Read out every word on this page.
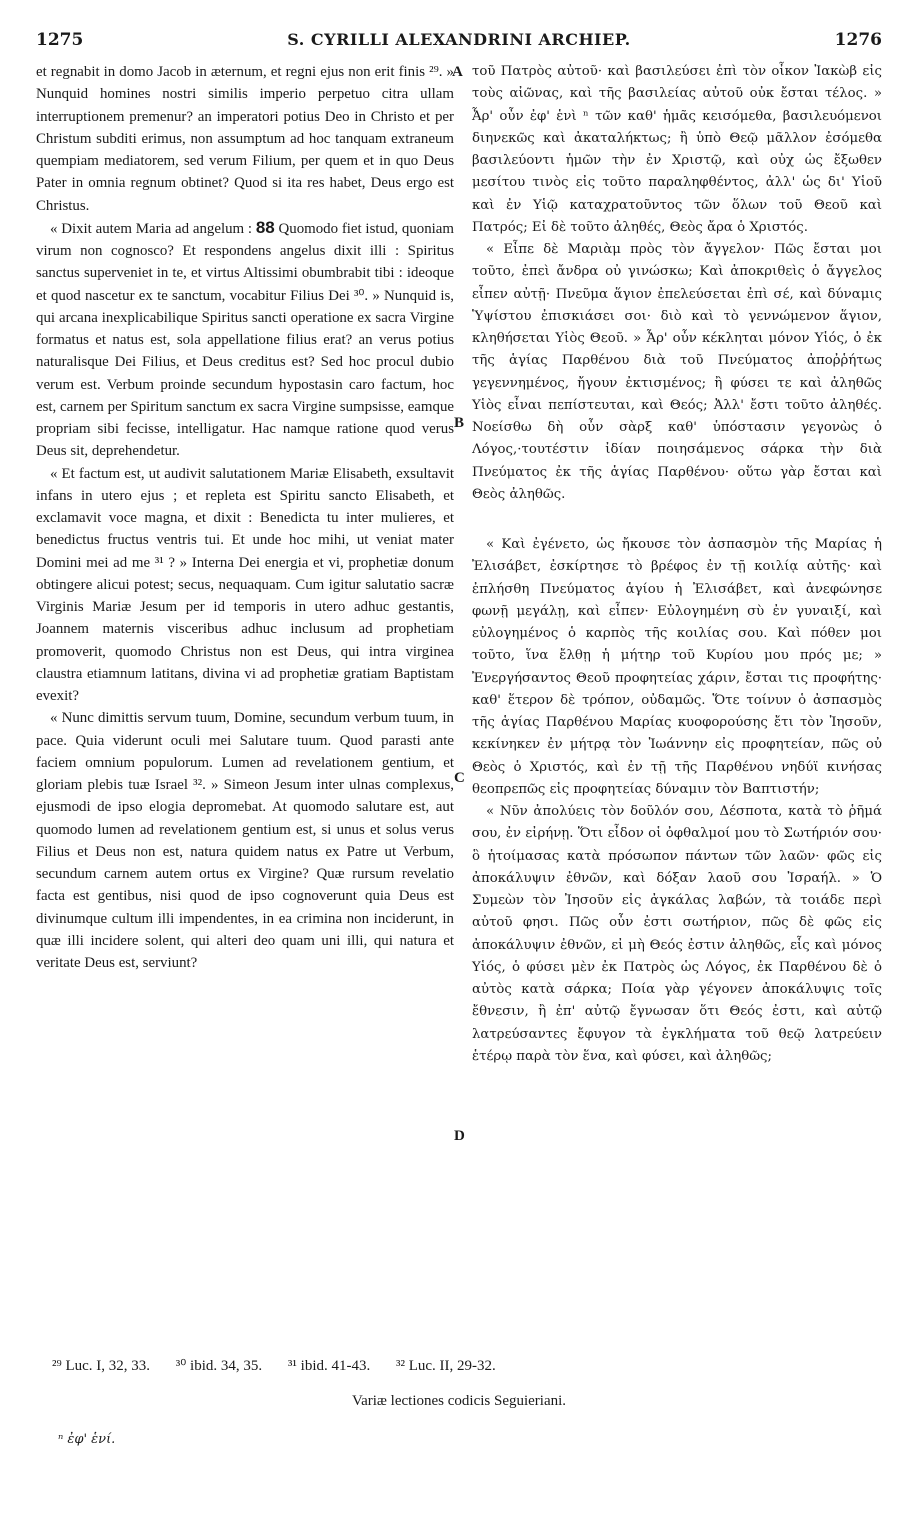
1275	S. CYRILLI ALEXANDRINI ARCHIEP.	1276

et regnabit in domo Jacob in æternum, et regni ejus non erit finis ²⁹. » Nunquid homines nostri similis imperio perpetuo citra ullam interruptionem premenur? an imperatori potius Deo in Christo et per Christum subditi erimus, non assumptum ad hoc tanquam extraneum quempiam mediatorem, sed verum Filium, per quem et in quo Deus Pater in omnia regnum obtinet? Quod si ita res habet, Deus ergo est Christus.

« Dixit autem Maria ad angelum : 88 Quomodo fiet istud, quoniam virum non cognosco? Et respondens angelus dixit illi : Spiritus sanctus superveniet in te, et virtus Altissimi obumbrabit tibi : ideoque et quod nascetur ex te sanctum, vocabitur Filius Dei ³⁰. » Nunquid is, qui arcana inexplicabilique Spiritus sancti operatione ex sacra Virgine formatus et natus est, sola appellatione filius erat? an verus potius naturalisque Dei Filius, et Deus creditus est? Sed hoc procul dubio verum est. Verbum proinde secundum hypostasin caro factum, hoc est, carnem per Spiritum sanctum ex sacra Virgine sumpsisse, eamque propriam sibi fecisse, intelligatur. Hac namque ratione quod verus Deus sit, deprehendetur.

« Et factum est, ut audivit salutationem Mariæ Elisabeth, exsultavit infans in utero ejus ; et repleta est Spiritu sancto Elisabeth, et exclamavit voce magna, et dixit : Benedicta tu inter mulieres, et benedictus fructus ventris tui. Et unde hoc mihi, ut veniat mater Domini mei ad me ³¹ ? » Interna Dei energia et vi, prophetiæ donum obtingere alicui potest; secus, nequaquam. Cum igitur salutatio sacræ Virginis Mariæ Jesum per id temporis in utero adhuc gestantis, Joannem maternis visceribus adhuc inclusum ad prophetiam promoverit, quomodo Christus non est Deus, qui intra virgineа claustra etiamnum latitans, divina vi ad prophetiæ gratiam Baptistam evexit?

« Nunc dimittis servum tuum, Domine, secundum verbum tuum, in pace. Quia viderunt oculi mei Salutare tuum. Quod parasti ante faciem omnium populorum. Lumen ad revelationem gentium, et gloriam plebis tuæ Israel ³². » Simeon Jesum inter ulnas complexus, ejusmodi de ipso elogia depromebat. At quomodo salutare est, aut quomodo lumen ad revelationem gentium est, si unus et solus verus Filius et Deus non est, natura quidem natus ex Patre ut Verbum, secundum carnem autem ortus ex Virgine? Quæ rursum revelatio facta est gentibus, nisi quod de ipso cognoverunt quia Deus est divinumque cultum illi impendentes, in ea crimina non inciderunt, in quæ illi incidere solent, qui alteri deo quam uni illi, qui natura et veritate Deus est, serviunt?

A
B
C
D

τοῦ Πατρὸς αὐτοῦ· καὶ βασιλεύσει ἐπὶ τὸν οἶκον Ἰακὼβ εἰς τοὺς αἰῶνας, καὶ τῆς βασιλείας αὐτοῦ οὐκ ἔσται τέλος. » Ἆρ' οὖν ἐφ' ἑνὶ ⁿ τῶν καθ' ἡμᾶς κεισόμεθα, βασιλευόμενοι διηνεκῶς καὶ ἀκαταλήκτως; ἢ ὑπὸ Θεῷ μᾶλλον ἐσόμεθα βασιλεύοντι ἡμῶν τὴν ἐν Χριστῷ, καὶ οὐχ ὡς ἔξωθεν μεσίτου τινὸς εἰς τοῦτο παραληφθέντος, ἀλλ' ὡς δι' Υἱοῦ καὶ ἐν Υἱῷ καταχρατοῦντος τῶν ὅλων τοῦ Θεοῦ καὶ Πατρός; Εἰ δὲ τοῦτο ἀληθές, Θεὸς ἄρα ὁ Χριστός.

« Εἶπε δὲ Μαριὰμ πρὸς τὸν ἄγγελον· Πῶς ἔσται μοι τοῦτο, ἐπεὶ ἄνδρα οὐ γινώσκω; Καὶ ἀποκριθεὶς ὁ ἄγγελος εἶπεν αὐτῇ· Πνεῦμα ἅγιον ἐπελεύσεται ἐπὶ σέ, καὶ δύναμις Ὑψίστου ἐπισκιάσει σοι· διὸ καὶ τὸ γεννώμενον ἅγιον, κληθήσεται Υἱὸς Θεοῦ. » Ἆρ' οὖν κέκληται μόνον Υἱός, ὁ ἐκ τῆς ἁγίας Παρθένου διὰ τοῦ Πνεύματος ἀποῤῥήτως γεγεννημένος, ἤγουν ἐκτισμένος; ἢ φύσει τε καὶ ἀληθῶς Υἱὸς εἶναι πεπίστευται, καὶ Θεός; Ἀλλ' ἔστι τοῦτο ἀληθές. Νοείσθω δὴ οὖν σὰρξ καθ' ὑπόστασιν γεγονὼς ὁ Λόγος,·τουτέστιν ἰδίαν ποιησάμενος σάρκα τὴν διὰ Πνεύματος ἐκ τῆς ἁγίας Παρθένου· οὕτω γὰρ ἔσται καὶ Θεὸς ἀληθῶς.

« Καὶ ἐγένετο, ὡς ἤκουσε τὸν ἀσπασμὸν τῆς Μαρίας ἡ Ἐλισάβετ, ἐσκίρτησε τὸ βρέφος ἐν τῇ κοιλίᾳ αὐτῆς· καὶ ἐπλήσθη Πνεύματος ἁγίου ἡ Ἐλισάβετ, καὶ ἀνεφώνησε φωνῇ μεγάλῃ, καὶ εἶπεν· Εὐλογημένη σὺ ἐν γυναιξί, καὶ εὐλογημένος ὁ καρπὸς τῆς κοιλίας σου. Καὶ πόθεν μοι τοῦτο, ἵνα ἔλθῃ ἡ μήτηρ τοῦ Κυρίου μου πρός με; » Ἐνεργήσαντος Θεοῦ προφητείας χάριν, ἔσται τις προφήτης· καθ' ἕτερον δὲ τρόπον, οὐδαμῶς. Ὅτε τοίνυν ὁ ἀσπασμὸς τῆς ἁγίας Παρθένου Μαρίας κυοφορούσης ἔτι τὸν Ἰησοῦν, κεκίνηκεν ἐν μήτρᾳ τὸν Ἰωάννην εἰς προφητείαν, πῶς οὐ Θεὸς ὁ Χριστός, καὶ ἐν τῇ τῆς Παρθένου νηδύϊ κινήσας θεοπρεπῶς εἰς προφητείας δύναμιν τὸν Βαπτιστήν;

« Νῦν ἀπολύεις τὸν δοῦλόν σου, Δέσποτα, κατὰ τὸ ῥῆμά σου, ἐν εἰρήνῃ. Ὅτι εἶδον οἱ ὀφθαλμοί μου τὸ Σωτήριόν σου· ὃ ἡτοίμασας κατὰ πρόσωπον πάντων τῶν λαῶν· φῶς εἰς ἀποκάλυψιν ἐθνῶν, καὶ δόξαν λαοῦ σου Ἰσραήλ. » Ὁ Συμεὼν τὸν Ἰησοῦν εἰς ἀγκάλας λαβών, τὰ τοιάδε περὶ αὐτοῦ φησι. Πῶς οὖν ἐστι σωτήριον, πῶς δὲ φῶς εἰς ἀποκάλυψιν ἐθνῶν, εἰ μὴ Θεός ἐστιν ἀληθῶς, εἷς καὶ μόνος Υἱός, ὁ φύσει μὲν ἐκ Πατρὸς ὡς Λόγος, ἐκ Παρθένου δὲ ὁ αὐτὸς κατὰ σάρκα; Ποία γὰρ γέγονεν ἀποκάλυψις τοῖς ἔθνεσιν, ἢ ἐπ' αὐτῷ ἔγνωσαν ὅτι Θεός ἐστι, καὶ αὐτῷ λατρεύσαντες ἔφυγον τὰ ἐγκλήματα τοῦ θεῷ λατρεύειν ἑτέρῳ παρὰ τὸν ἕνα, καὶ φύσει, καὶ ἀληθῶς;

²⁹ Luc. I, 32, 33. ³⁰ ibid. 34, 35. ³¹ ibid. 41-43. ³² Luc. II, 29-32.
Variæ lectiones codicis Seguieriani.
ⁿ ἐφ' ἑνί.
